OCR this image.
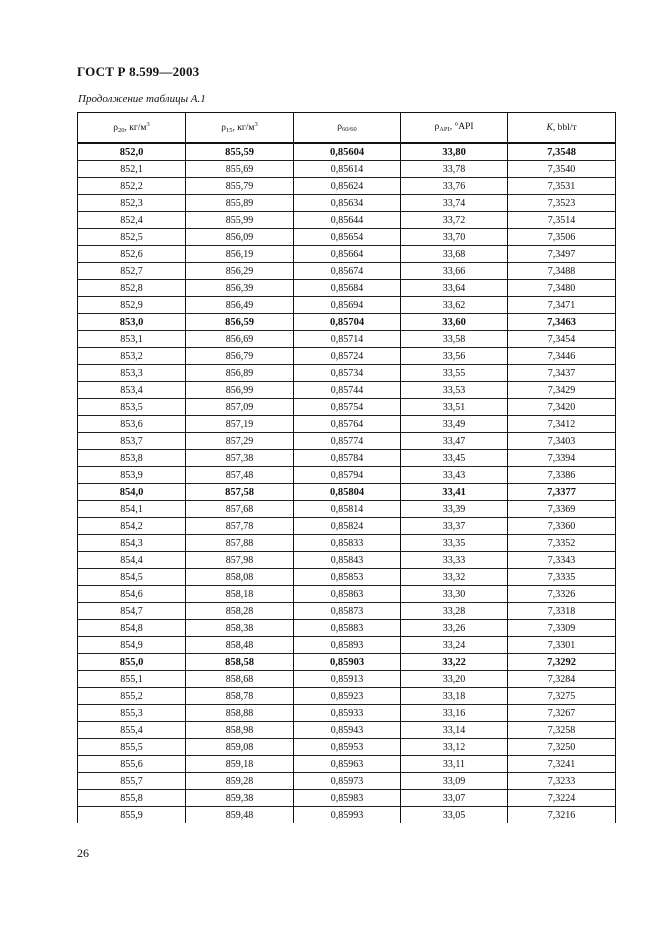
ГОСТ Р 8.599—2003
Продолжение таблицы А.1
$\rho_{20}$, $кг/м^3$	$\rho_{15}$, $кг/м^3$	$\rho_{60/60}$	$\rho_{API}$, °API	K, bbl/т
852,0	855,59	0,85604	33,80	7,3548
852,1	855,69	0,85614	33,78	7,3540
852,2	855,79	0,85624	33,76	7,3531
852,3	855,89	0,85634	33,74	7,3523
852,4	855,99	0,85644	33,72	7,3514
852,5	856,09	0,85654	33,70	7,3506
852,6	856,19	0,85664	33,68	7,3497
852,7	856,29	0,85674	33,66	7,3488
852,8	856,39	0,85684	33,64	7,3480
852,9	856,49	0,85694	33,62	7,3471
853,0	856,59	0,85704	33,60	7,3463
853,1	856,69	0,85714	33,58	7,3454
853,2	856,79	0,85724	33,56	7,3446
853,3	856,89	0,85734	33,55	7,3437
853,4	856,99	0,85744	33,53	7,3429
853,5	857,09	0,85754	33,51	7,3420
853,6	857,19	0,85764	33,49	7,3412
853,7	857,29	0,85774	33,47	7,3403
853,8	857,38	0,85784	33,45	7,3394
853,9	857,48	0,85794	33,43	7,3386
854,0	857,58	0,85804	33,41	7,3377
854,1	857,68	0,85814	33,39	7,3369
854,2	857,78	0,85824	33,37	7,3360
854,3	857,88	0,85833	33,35	7,3352
854,4	857,98	0,85843	33,33	7,3343
854,5	858,08	0,85853	33,32	7,3335
854,6	858,18	0,85863	33,30	7,3326
854,7	858,28	0,85873	33,28	7,3318
854,8	858,38	0,85883	33,26	7,3309
854,9	858,48	0,85893	33,24	7,3301
855,0	858,58	0,85903	33,22	7,3292
855,1	858,68	0,85913	33,20	7,3284
855,2	858,78	0,85923	33,18	7,3275
855,3	858,88	0,85933	33,16	7,3267
855,4	858,98	0,85943	33,14	7,3258
855,5	859,08	0,85953	33,12	7,3250
855,6	859,18	0,85963	33,11	7,3241
855,7	859,28	0,85973	33,09	7,3233
855,8	859,38	0,85983	33,07	7,3224
855,9	859,48	0,85993	33,05	7,3216
26
